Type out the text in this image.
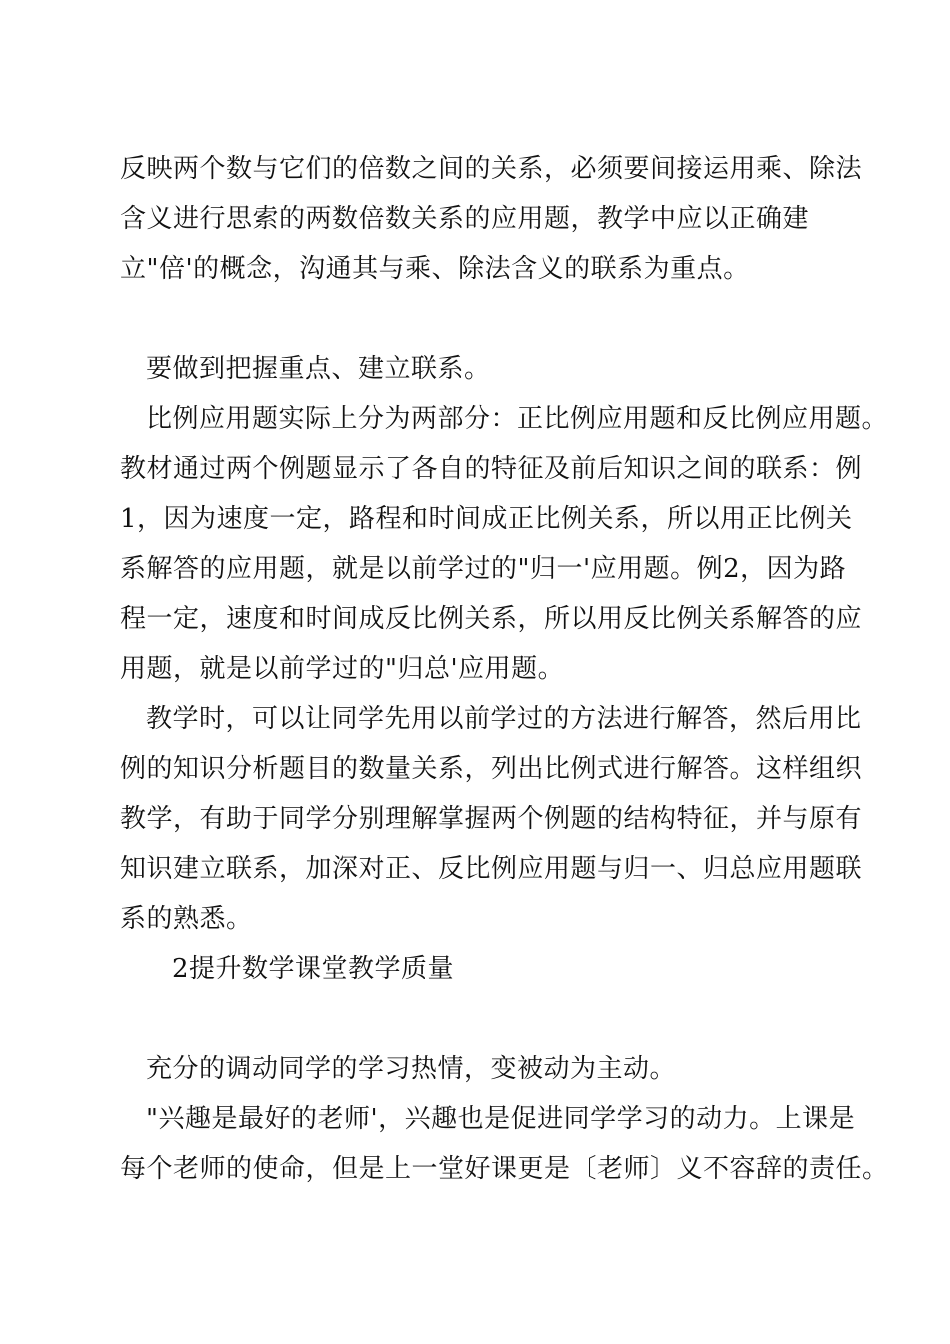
反映两个数与它们的倍数之间的关系，必须要间接运用乘、除法
含义进行思索的两数倍数关系的应用题，教学中应以正确建
立"倍'的概念，沟通其与乘、除法含义的联系为重点。
要做到把握重点、建立联系。
比例应用题实际上分为两部分：正比例应用题和反比例应用题。
教材通过两个例题显示了各自的特征及前后知识之间的联系：例
1，因为速度一定，路程和时间成正比例关系，所以用正比例关
系解答的应用题，就是以前学过的"归一'应用题。例2，因为路
程一定，速度和时间成反比例关系，所以用反比例关系解答的应
用题，就是以前学过的"归总'应用题。
教学时，可以让同学先用以前学过的方法进行解答，然后用比
例的知识分析题目的数量关系，列出比例式进行解答。这样组织
教学，有助于同学分别理解掌握两个例题的结构特征，并与原有
知识建立联系，加深对正、反比例应用题与归一、归总应用题联
系的熟悉。
2提升数学课堂教学质量
充分的调动同学的学习热情，变被动为主动。
"兴趣是最好的老师'，兴趣也是促进同学学习的动力。上课是
每个老师的使命，但是上一堂好课更是〔老师〕义不容辞的责任。
